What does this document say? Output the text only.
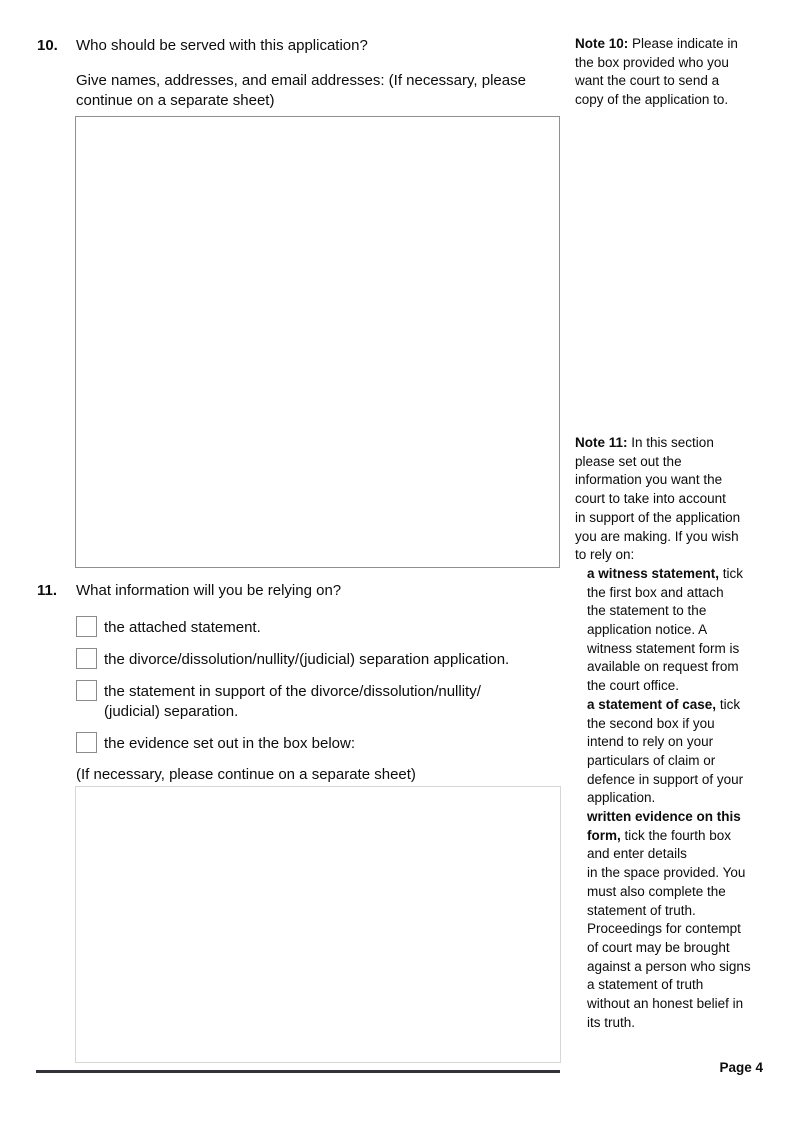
10. Who should be served with this application?
Give names, addresses, and email addresses: (If necessary, please
continue on a separate sheet)
11. What information will you be relying on?
the attached statement.
the divorce/dissolution/nullity/(judicial) separation application.
the statement in support of the divorce/dissolution/nullity/
(judicial) separation.
the evidence set out in the box below:
(If necessary, please continue on a separate sheet)
Note 10: Please indicate in
the box provided who you
want the court to send a
copy of the application to.
Note 11: In this section
please set out the
information you want the
court to take into account
in support of the application
you are making. If you wish
to rely on:
a witness statement, tick
the first box and attach
the statement to the
application notice. A
witness statement form is
available on request from
the court office.
a statement of case, tick
the second box if you
intend to rely on your
particulars of claim or
defence in support of your
application.
written evidence on this
form, tick the fourth box
and enter details
in the space provided. You
must also complete the
statement of truth.
Proceedings for contempt
of court may be brought
against a person who signs
a statement of truth
without an honest belief in
its truth.
Page 4
